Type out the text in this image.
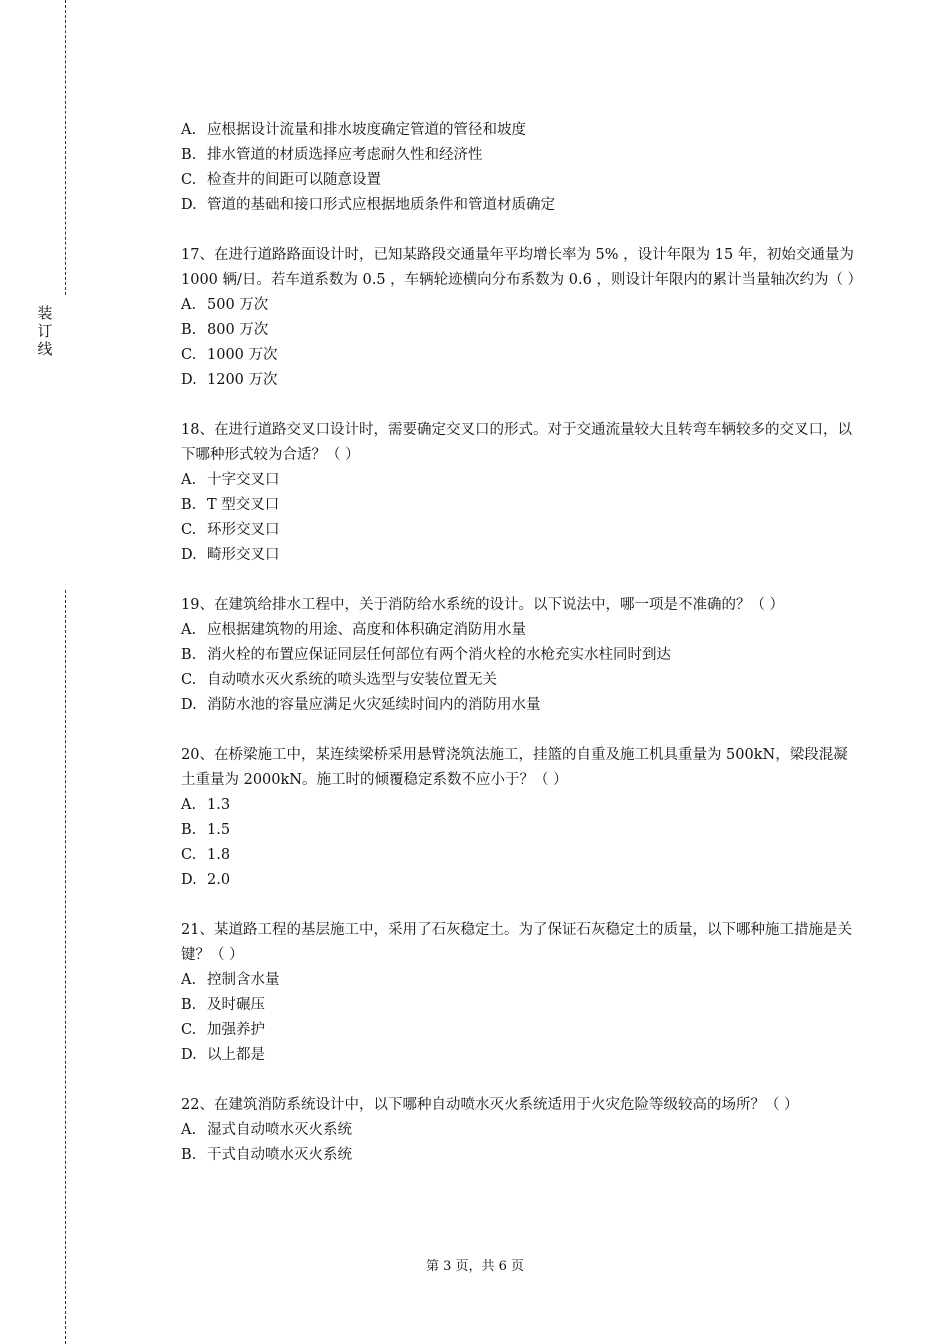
装
订
线

A. 应根据设计流量和排水坡度确定管道的管径和坡度

B. 排水管道的材质选择应考虑耐久性和经济性

C. 检查井的间距可以随意设置

D. 管道的基础和接口形式应根据地质条件和管道材质确定

17、在进行道路路面设计时，已知某路段交通量年平均增长率为 5% ，设计年限为 15 年，初始交通量为 1000 辆/日。若车道系数为 0.5 ，车辆轮迹横向分布系数为 0.6 ，则设计年限内的累计当量轴次约为（ ）

A. 500 万次

B. 800 万次

C. 1000 万次

D. 1200 万次

18、在进行道路交叉口设计时，需要确定交叉口的形式。对于交通流量较大且转弯车辆较多的交叉口，以下哪种形式较为合适？（ ）

A. 十字交叉口

B. T 型交叉口

C. 环形交叉口

D. 畸形交叉口

19、在建筑给排水工程中，关于消防给水系统的设计。以下说法中，哪一项是不准确的？（ ）

A. 应根据建筑物的用途、高度和体积确定消防用水量

B. 消火栓的布置应保证同层任何部位有两个消火栓的水枪充实水柱同时到达

C. 自动喷水灭火系统的喷头选型与安装位置无关

D. 消防水池的容量应满足火灾延续时间内的消防用水量

20、在桥梁施工中，某连续梁桥采用悬臂浇筑法施工，挂篮的自重及施工机具重量为 500kN，梁段混凝土重量为 2000kN。施工时的倾覆稳定系数不应小于？（ ）

A. 1.3

B. 1.5

C. 1.8

D. 2.0

21、某道路工程的基层施工中，采用了石灰稳定土。为了保证石灰稳定土的质量，以下哪种施工措施是关键？（ ）

A. 控制含水量

B. 及时碾压

C. 加强养护

D. 以上都是

22、在建筑消防系统设计中，以下哪种自动喷水灭火系统适用于火灾危险等级较高的场所？（ ）

A. 湿式自动喷水灭火系统

B. 干式自动喷水灭火系统

第 3 页，共 6 页
